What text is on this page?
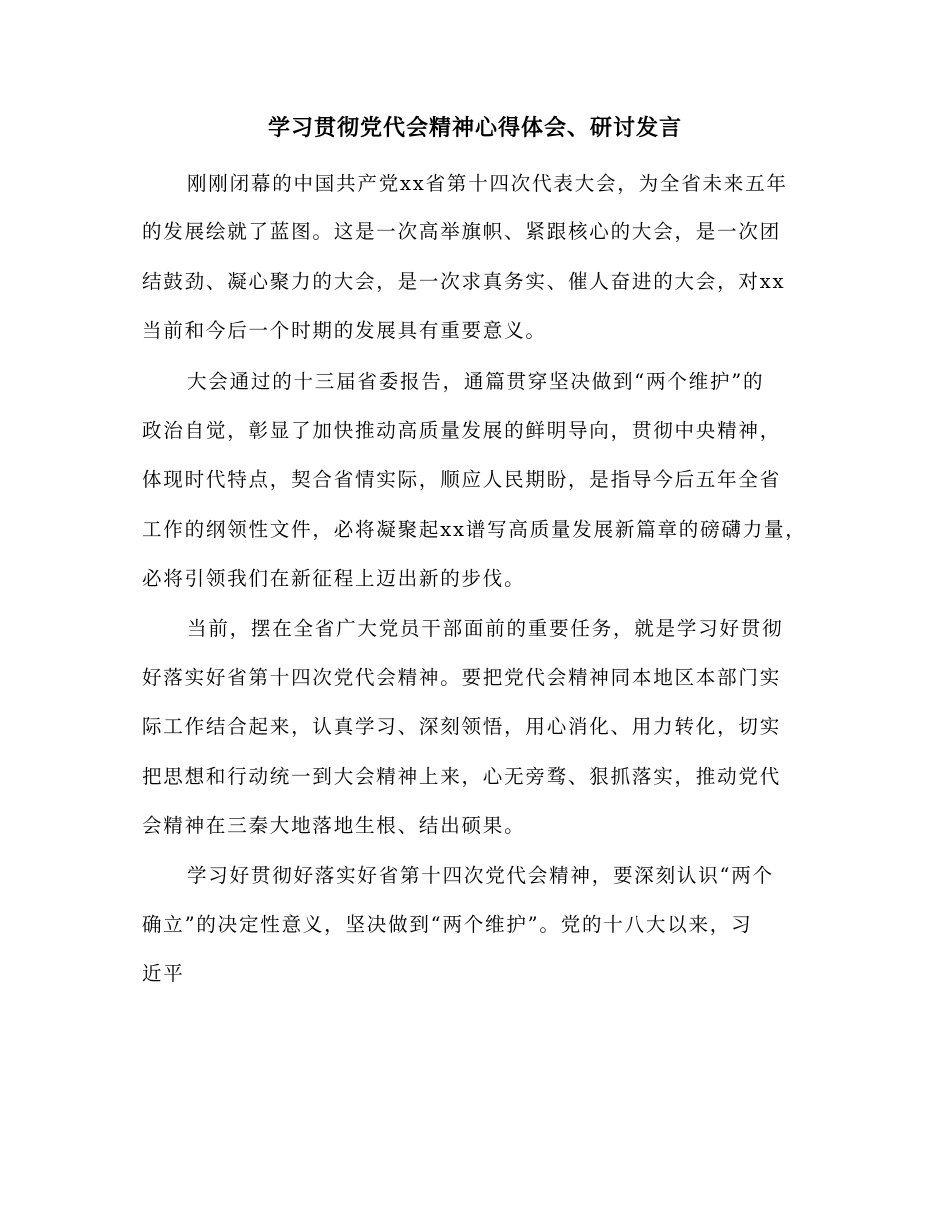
学习贯彻党代会精神心得体会、研讨发言
刚刚闭幕的中国共产党xx省第十四次代表大会，为全省未来五年
的发展绘就了蓝图。这是一次高举旗帜、紧跟核心的大会，是一次团
结鼓劲、凝心聚力的大会，是一次求真务实、催人奋进的大会，对xx
当前和今后一个时期的发展具有重要意义。
大会通过的十三届省委报告，通篇贯穿坚决做到“两个维护”的
政治自觉，彰显了加快推动高质量发展的鲜明导向，贯彻中央精神，
体现时代特点，契合省情实际，顺应人民期盼，是指导今后五年全省
工作的纲领性文件，必将凝聚起xx谱写高质量发展新篇章的磅礴力量，
必将引领我们在新征程上迈出新的步伐。
当前，摆在全省广大党员干部面前的重要任务，就是学习好贯彻
好落实好省第十四次党代会精神。要把党代会精神同本地区本部门实
际工作结合起来，认真学习、深刻领悟，用心消化、用力转化，切实
把思想和行动统一到大会精神上来，心无旁骛、狠抓落实，推动党代
会精神在三秦大地落地生根、结出硕果。
学习好贯彻好落实好省第十四次党代会精神，要深刻认识“两个
确立”的决定性意义，坚决做到“两个维护”。党的十八大以来，习
近平
